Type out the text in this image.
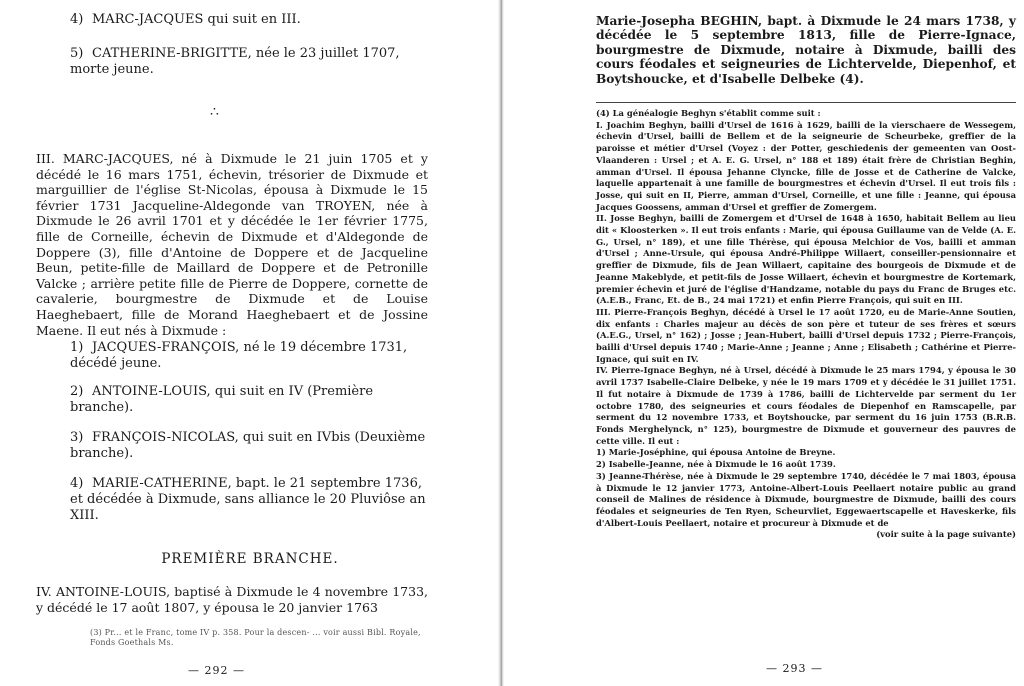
4) MARC-JACQUES qui suit en III.
5) CATHERINE-BRIGITTE, née le 23 juillet 1707, morte jeune.
∴
III. MARC-JACQUES, né à Dixmude le 21 juin 1705 et y décédé le 16 mars 1751, échevin, trésorier de Dixmude et marguillier de l'église St-Nicolas, épousa à Dixmude le 15 février 1731 Jacqueline-Aldegonde van TROYEN, née à Dixmude le 26 avril 1701 et y décédée le 1er février 1775, fille de Corneille, échevin de Dixmude et d'Aldegonde de Doppere (3), fille d'Antoine de Doppere et de Jacqueline Beun, petite-fille de Maillard de Doppere et de Petronille Valcke ; arrière petite fille de Pierre de Doppere, cornette de cavalerie, bourgmestre de Dixmude et de Louise Haeghebaert, fille de Morand Haeghebaert et de Jossine Maene. Il eut nés à Dixmude :
1) JACQUES-FRANÇOIS, né le 19 décembre 1731, décédé jeune.
2) ANTOINE-LOUIS, qui suit en IV (Première branche).
3) FRANÇOIS-NICOLAS, qui suit en IVbis (Deuxième branche).
4) MARIE-CATHERINE, bapt. le 21 septembre 1736, et décédée à Dixmude, sans alliance le 20 Pluviôse an XIII.
PREMIÈRE BRANCHE.
IV. ANTOINE-LOUIS, baptisé à Dixmude le 4 novembre 1733, y décédé le 17 août 1807, y épousa le 20 janvier 1763
(3) Pr... et le Franc, tome IV p. 358. Pour la descen- ... voir aussi Bibl. Royale, Fonds Goethals Ms.
— 292 —
Marie-Josepha BEGHIN, bapt. à Dixmude le 24 mars 1738, y décédée le 5 septembre 1813, fille de Pierre-Ignace, bourgmestre de Dixmude, notaire à Dixmude, bailli des cours féodales et seigneuries de Lichtervelde, Diepenhof, et Boytshoucke, et d'Isabelle Delbeke (4).

(4) La généalogie Beghyn s'établit comme suit :

I. Joachim Beghyn, bailli d'Ursel de 1616 à 1629, bailli de la vierschaere de Wessegem, échevin d'Ursel, bailli de Bellem et de la seigneurie de Scheurbeke, greffier de la paroisse et métier d'Ursel (Voyez : der Potter, geschiedenis der gemeenten van Oost-Vlaanderen : Ursel ; et A. E. G. Ursel, n° 188 et 189) était frère de Christian Beghin, amman d'Ursel. Il épousa Jehanne Clyncke, fille de Josse et de Catherine de Valcke, laquelle appartenait à une famille de bourgmestres et échevin d'Ursel. Il eut trois fils : Josse, qui suit en II, Pierre, amman d'Ursel, Corneille, et une fille : Jeanne, qui épousa Jacques Goossens, amman d'Ursel et greffier de Zomergem.

II. Josse Beghyn, bailli de Zomergem et d'Ursel de 1648 à 1650, habitait Bellem au lieu dit « Kloosterken ». Il eut trois enfants : Marie, qui épousa Guillaume van de Velde (A. E. G., Ursel, n° 189), et une fille Thérèse, qui épousa Melchior de Vos, bailli et amman d'Ursel ; Anne-Ursule, qui épousa André-Philippe Willaert, conseiller-pensionnaire et greffier de Dixmude, fils de Jean Willaert, capitaine des bourgeois de Dixmude et de Jeanne Makeblyde, et petit-fils de Josse Willaert, échevin et bourgmestre de Kortemark, premier échevin et juré de l'église d'Handzame, notable du pays du Franc de Bruges etc. (A.E.B., Franc, Et. de B., 24 mai 1721) et enfin Pierre François, qui suit en III.

III. Pierre-François Beghyn, décédé à Ursel le 17 août 1720, eu de Marie-Anne Soutien, dix enfants : Charles majeur au décès de son père et tuteur de ses frères et sœurs (A.E.G., Ursel, n° 162) ; Josse ; Jean-Hubert, bailli d'Ursel depuis 1732 ; Pierre-François, bailli d'Ursel depuis 1740 ; Marie-Anne ; Jeanne ; Anne ; Elisabeth ; Cathérine et Pierre-Ignace, qui suit en IV.

IV. Pierre-Ignace Beghyn, né à Ursel, décédé à Dixmude le 25 mars 1794, y épousa le 30 avril 1737 Isabelle-Claire Delbeke, y née le 19 mars 1709 et y décédée le 31 juillet 1751. Il fut notaire à Dixmude de 1739 à 1786, bailli de Lichtervelde par serment du 1er octobre 1780, des seigneuries et cours féodales de Diepenhof en Ramscapelle, par serment du 12 novembre 1733, et Boytshoucke, par serment du 16 juin 1753 (B.R.B. Fonds Merghelynck, n° 125), bourgmestre de Dixmude et gouverneur des pauvres de cette ville. Il eut :

1) Marie-Joséphine, qui épousa Antoine de Breyne.

2) Isabelle-Jeanne, née à Dixmude le 16 août 1739.

3) Jeanne-Thérèse, née à Dixmude le 29 septembre 1740, décédée le 7 mai 1803, épousa à Dixmude le 12 janvier 1773, Antoine-Albert-Louis Peellaert notaire public au grand conseil de Malines de résidence à Dixmude, bourgmestre de Dixmude, bailli des cours féodales et seigneuries de Ten Ryen, Scheurvliet, Eggewaertscapelle et Haveskerke, fils d'Albert-Louis Peellaert, notaire et procureur à Dixmude et de

(voir suite à la page suivante)

— 293 —
